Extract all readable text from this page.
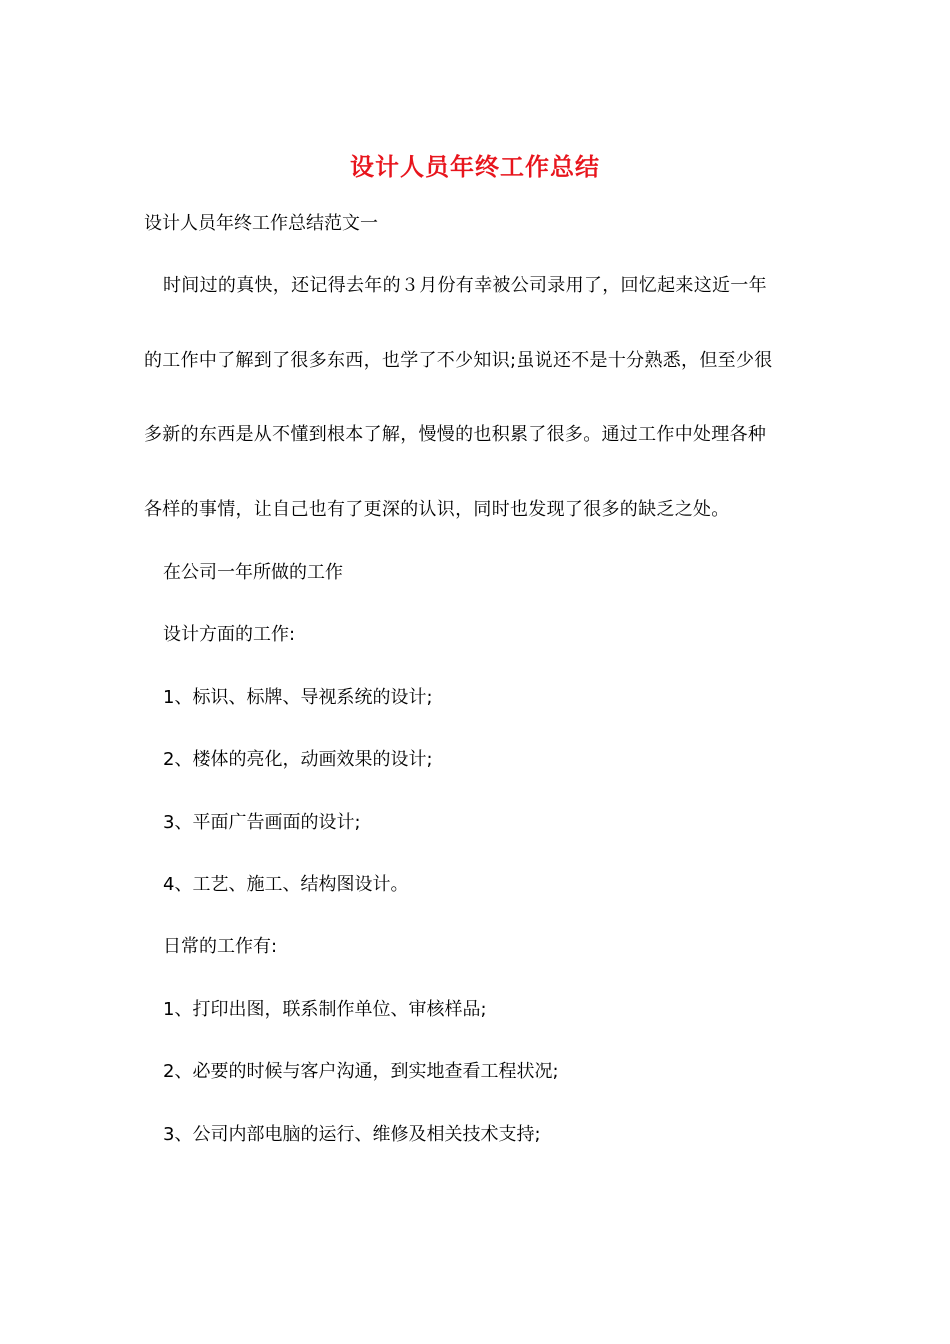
设计人员年终工作总结
设计人员年终工作总结范文一
时间过的真快，还记得去年的３月份有幸被公司录用了，回忆起来这近一年
的工作中了解到了很多东西，也学了不少知识;虽说还不是十分熟悉，但至少很
多新的东西是从不懂到根本了解，慢慢的也积累了很多。通过工作中处理各种
各样的事情，让自己也有了更深的认识，同时也发现了很多的缺乏之处。
在公司一年所做的工作
设计方面的工作:
1、标识、标牌、导视系统的设计;
2、楼体的亮化，动画效果的设计;
3、平面广告画面的设计;
4、工艺、施工、结构图设计。
日常的工作有:
1、打印出图，联系制作单位、审核样品;
2、必要的时候与客户沟通，到实地查看工程状况;
3、公司内部电脑的运行、维修及相关技术支持;
